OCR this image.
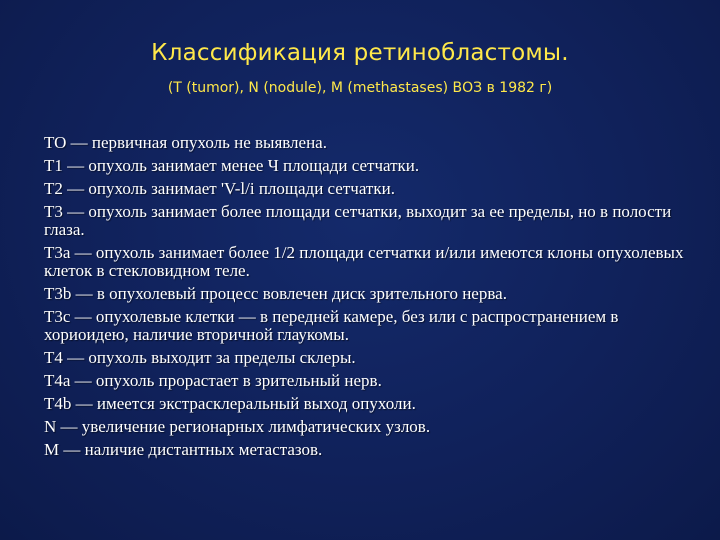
Классификация ретинобластомы.
(T (tumor), N (nodule), M (methastases) ВОЗ в 1982 г)
TO — первичная опухоль не выявлена.
T1 — опухоль занимает менее Ч площади сетчатки.
T2 — опухоль занимает 'V-l/i площади сетчатки.
T3 — опухоль занимает более площади сетчатки, выходит за ее пределы, но в полости глаза.
T3a — опухоль занимает более 1/2 площади сетчатки и/или имеются клоны опухолевых клеток в стекловидном теле.
T3b — в опухолевый процесс вовлечен диск зрительного нерва.
T3c — опухолевые клетки — в передней камере, без или с распространением в хориоидею, наличие вторичной глаукомы.
T4 — опухоль выходит за пределы склеры.
T4a — опухоль прорастает в зрительный нерв.
T4b — имеется экстрасклеральный выход опухоли.
N — увеличение регионарных лимфатических узлов.
M — наличие дистантных метастазов.
